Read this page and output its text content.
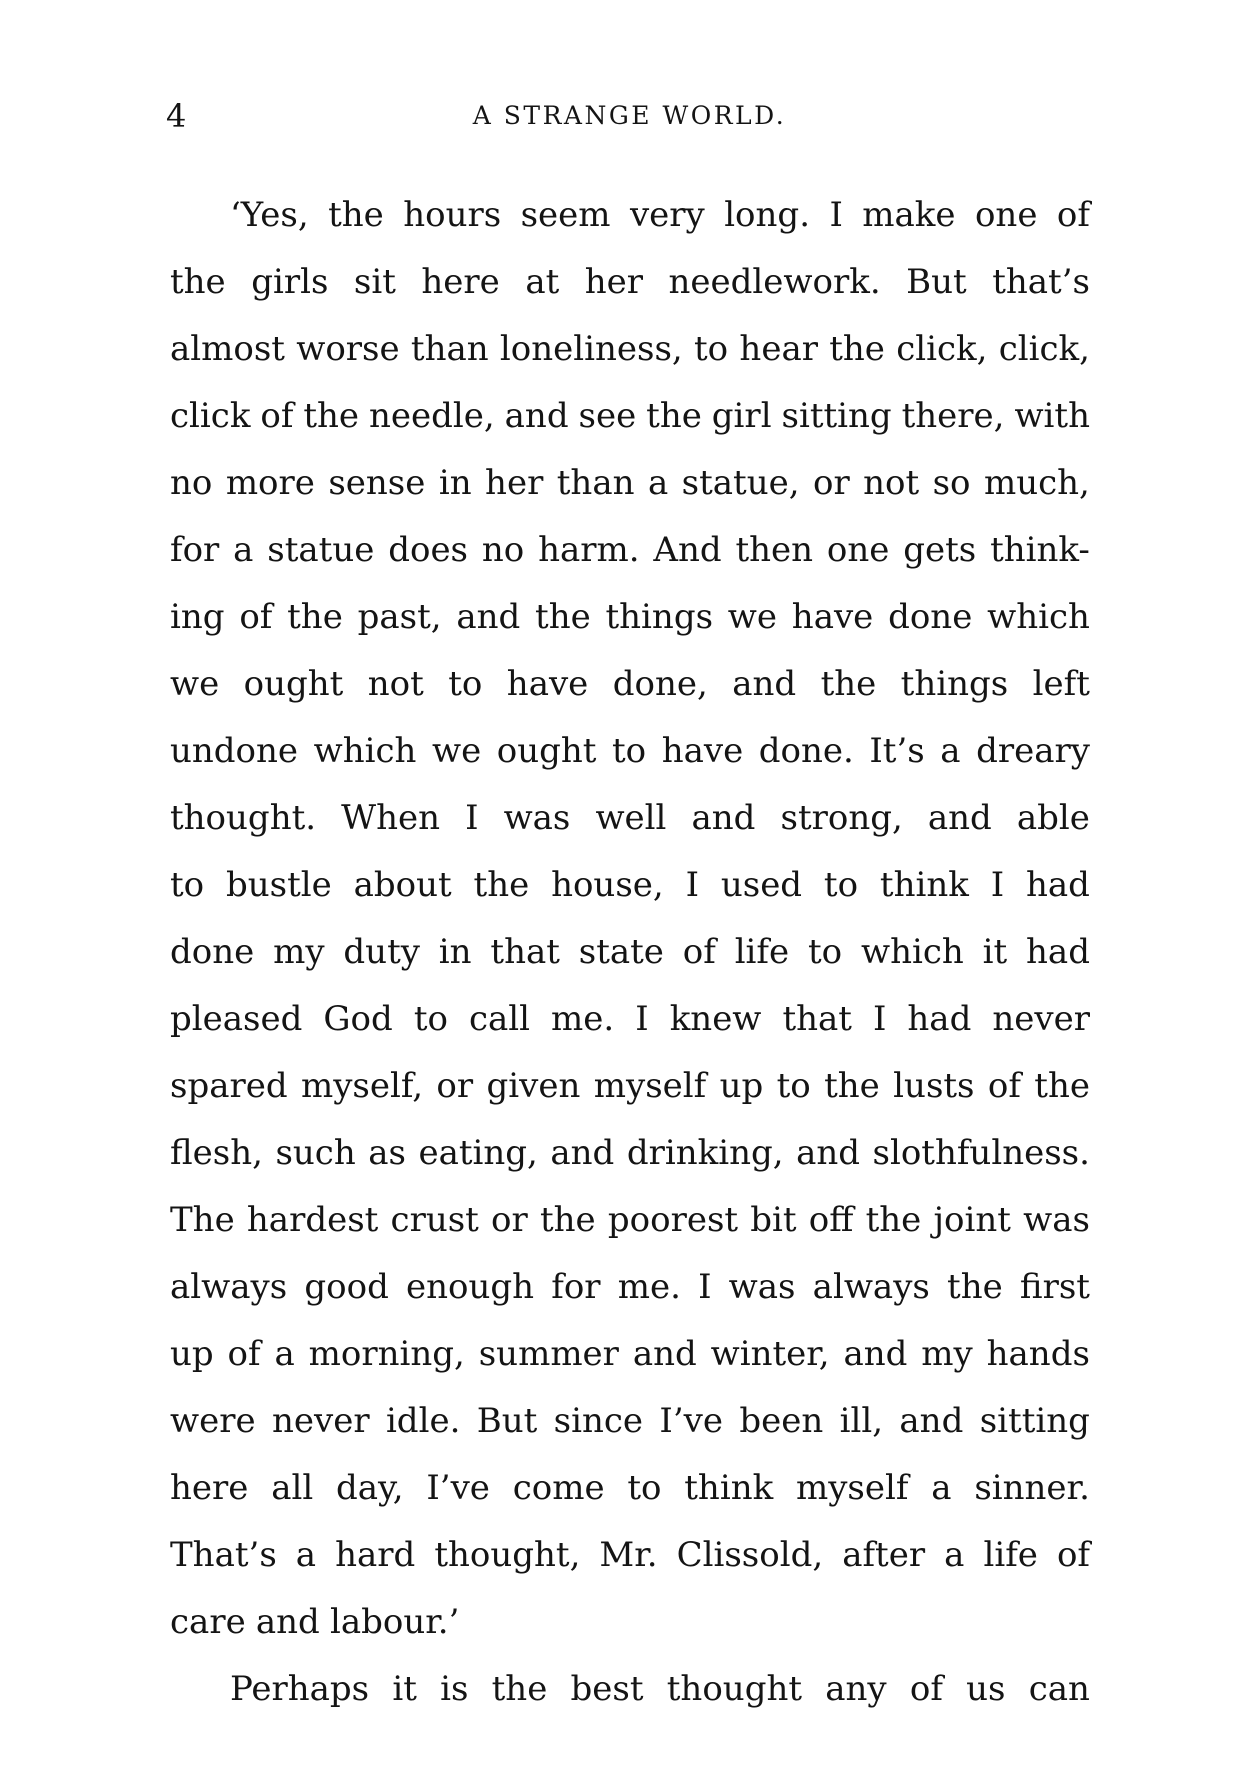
4	A STRANGE WORLD.
‘Yes, the hours seem very long. I make one of
the girls sit here at her needlework. But that’s
almost worse than loneliness, to hear the click, click,
click of the needle, and see the girl sitting there, with
no more sense in her than a statue, or not so much,
for a statue does no harm. And then one gets think-
ing of the past, and the things we have done which
we ought not to have done, and the things left
undone which we ought to have done. It’s a dreary
thought. When I was well and strong, and able
to bustle about the house, I used to think I had
done my duty in that state of life to which it had
pleased God to call me. I knew that I had never
spared myself, or given myself up to the lusts of the
flesh, such as eating, and drinking, and slothfulness.
The hardest crust or the poorest bit off the joint was
always good enough for me. I was always the first
up of a morning, summer and winter, and my hands
were never idle. But since I’ve been ill, and sitting
here all day, I’ve come to think myself a sinner.
That’s a hard thought, Mr. Clissold, after a life of
care and labour.’
Perhaps it is the best thought any of us can
